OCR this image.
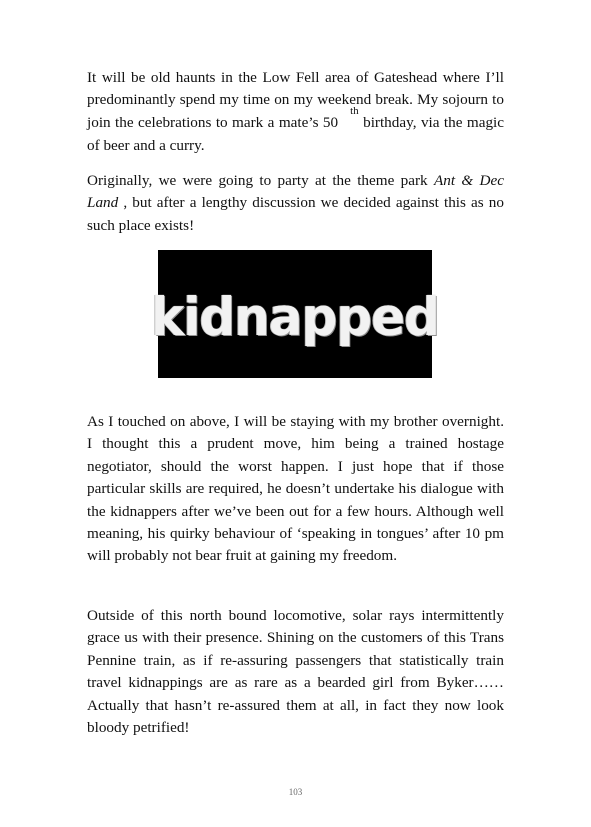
It will be old haunts in the Low Fell area of Gateshead where I’ll predominantly spend my time on my weekend break. My sojourn to join the celebrations to mark a mate’s 50th birthday, via the magic of beer and a curry.

Originally, we were going to party at the theme park Ant & Dec Land , but after a lengthy discussion we decided against this as no such place exists!

kidnapped

As I touched on above, I will be staying with my brother overnight. I thought this a prudent move, him being a trained hostage negotiator, should the worst happen. I just hope that if those particular skills are required, he doesn’t undertake his dialogue with the kidnappers after we’ve been out for a few hours. Although well meaning, his quirky behaviour of ‘speaking in tongues’ after 10 pm will probably not bear fruit at gaining my freedom.

Outside of this north bound locomotive, solar rays intermittently grace us with their presence. Shining on the customers of this Trans Pennine train, as if re-assuring passengers that statistically train travel kidnappings are as rare as a bearded girl from Byker…… Actually that hasn’t re-assured them at all, in fact they now look bloody petrified!

103
